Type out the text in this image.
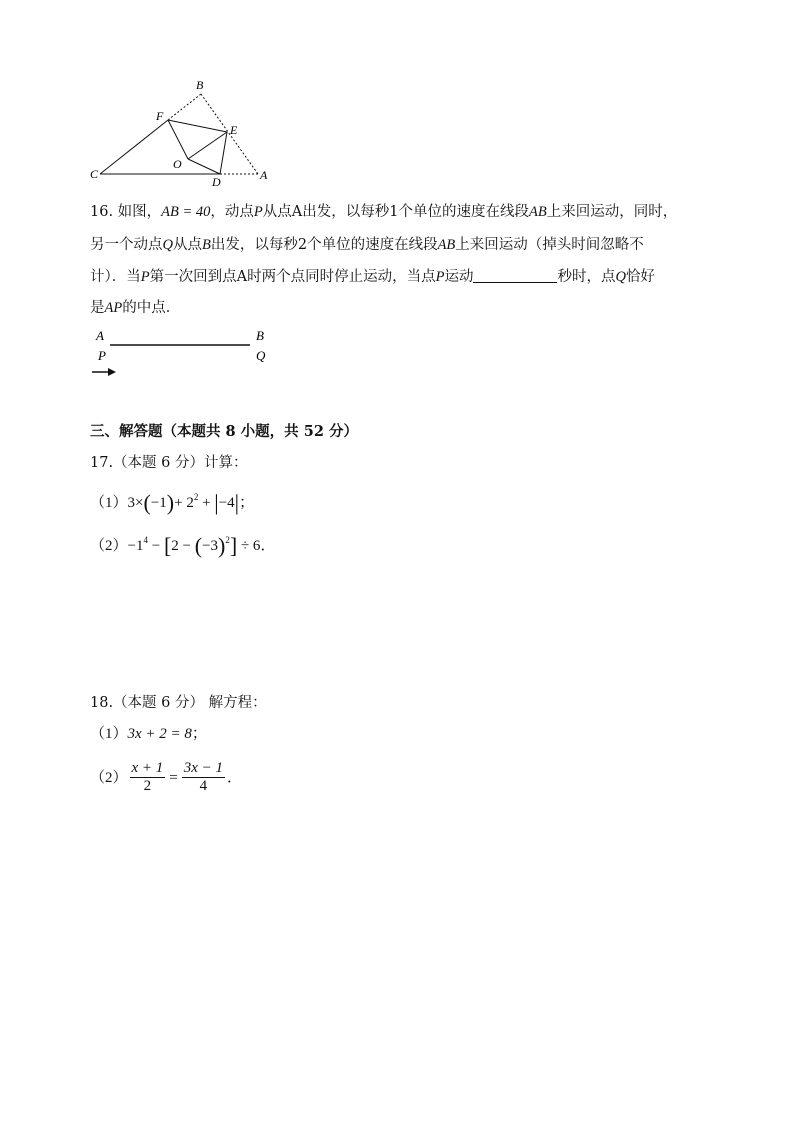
B
F
E
O
C
D	A
16. 如图，AB = 40，动点P从点A出发，以每秒1个单位的速度在线段AB上来回运动，同时，
另一个动点Q从点B出发，以每秒2个单位的速度在线段AB上来回运动（掉头时间忽略不
计）．当P第一次回到点A时两个点同时停止运动，当点P运动	秒时，点Q恰好
是AP的中点．
A	B
P	Q
三、解答题（本题共 8 小题，共 52 分）
17.（本题 6 分）计算：
$(1)3\times(-1)+ 2^2 + |-4|$；
$(2)-1^4 - [2 - (-3)^2] \div 6$．
18.（本题 6 分） 解方程：
（1）3x + 2 = 8；
$(2) \frac{x + 1}{2} = \frac{3x - 1}{4}$ ．
